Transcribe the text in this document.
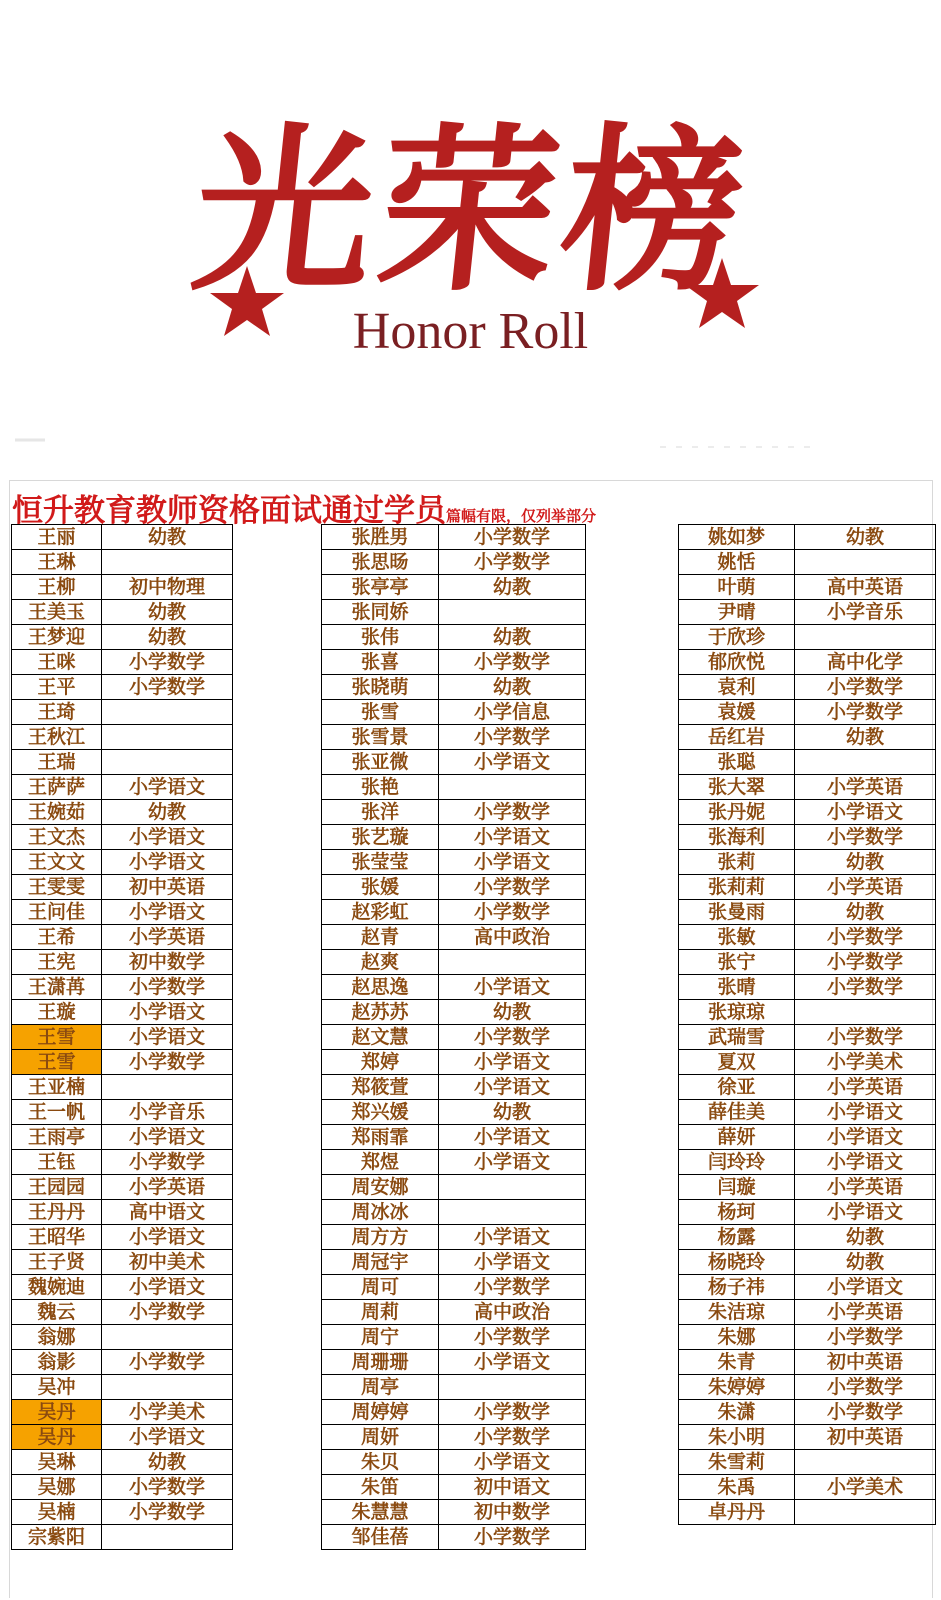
光荣榜
Honor Roll
恒升教育教师资格面试通过学员篇幅有限，仅列举部分
王丽	幼教
王琳	
王柳	初中物理
王美玉	幼教
王梦迎	幼教
王咪	小学数学
王平	小学数学
王琦	
王秋江	
王瑞	
王萨萨	小学语文
王婉茹	幼教
王文杰	小学语文
王文文	小学语文
王雯雯	初中英语
王问佳	小学语文
王希	小学英语
王宪	初中数学
王潇苒	小学数学
王璇	小学语文
王雪	小学语文
王雪	小学数学
王亚楠	
王一帆	小学音乐
王雨亭	小学语文
王钰	小学数学
王园园	小学英语
王丹丹	高中语文
王昭华	小学语文
王子贤	初中美术
魏婉迪	小学语文
魏云	小学数学
翁娜	
翁影	小学数学
吴冲	
吴丹	小学美术
吴丹	小学语文
吴琳	幼教
吴娜	小学数学
吴楠	小学数学
宗紫阳	
张胜男	小学数学
张思旸	小学数学
张亭亭	幼教
张同娇	
张伟	幼教
张喜	小学数学
张晓萌	幼教
张雪	小学信息
张雪景	小学数学
张亚微	小学语文
张艳	
张洋	小学数学
张艺璇	小学语文
张莹莹	小学语文
张媛	小学数学
赵彩虹	小学数学
赵青	高中政治
赵爽	
赵思逸	小学语文
赵苏苏	幼教
赵文慧	小学数学
郑婷	小学语文
郑筱萱	小学语文
郑兴媛	幼教
郑雨霏	小学语文
郑煜	小学语文
周安娜	
周冰冰	
周方方	小学语文
周冠宇	小学语文
周可	小学数学
周莉	高中政治
周宁	小学数学
周珊珊	小学语文
周亭	
周婷婷	小学数学
周妍	小学数学
朱贝	小学语文
朱笛	初中语文
朱慧慧	初中数学
邹佳蓓	小学数学
姚如梦	幼教
姚恬	
叶萌	高中英语
尹晴	小学音乐
于欣珍	
郁欣悦	高中化学
袁利	小学数学
袁媛	小学数学
岳红岩	幼教
张聪	
张大翠	小学英语
张丹妮	小学语文
张海利	小学数学
张莉	幼教
张莉莉	小学英语
张曼雨	幼教
张敏	小学数学
张宁	小学数学
张晴	小学数学
张琼琼	
武瑞雪	小学数学
夏双	小学美术
徐亚	小学英语
薛佳美	小学语文
薛妍	小学语文
闫玲玲	小学语文
闫璇	小学英语
杨珂	小学语文
杨露	幼教
杨晓玲	幼教
杨子祎	小学语文
朱洁琼	小学英语
朱娜	小学数学
朱青	初中英语
朱婷婷	小学数学
朱潇	小学数学
朱小明	初中英语
朱雪莉	
朱禹	小学美术
卓丹丹	
